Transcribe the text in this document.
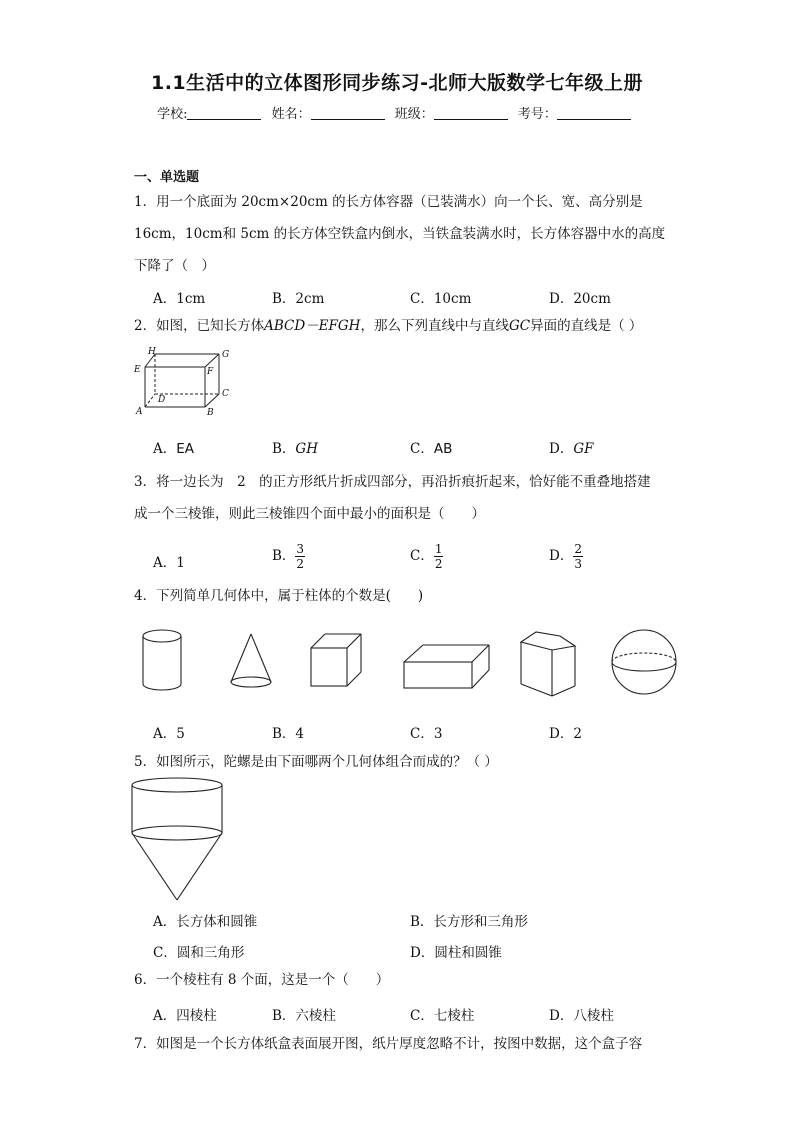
1.1生活中的立体图形同步练习-北师大版数学七年级上册
学校:	姓名：	班级：	考号：
一、单选题
1．用一个底面为 20cm×20cm 的长方体容器（已装满水）向一个长、宽、高分别是
16cm，10cm和 5cm 的长方体空铁盒内倒水，当铁盒装满水时，长方体容器中水的高度
下降了（　）
A．1cm	B．2cm	C．10cm	D．20cm
2．如图，已知长方体ABCD－EFGH，那么下列直线中与直线GC异面的直线是（ ）
H	G
E	F
D
C
A	B
A．EA	B．GH	C．AB	D．GF
3．将一边长为　2　的正方形纸片折成四部分，再沿折痕折起来，恰好能不重叠地搭建
成一个三棱锥，则此三棱锥四个面中最小的面积是（　　）
A．1	B． $\frac{3}{2}$	C． $\frac{1}{2}$	D． $\frac{2}{3}$
4．下列简单几何体中，属于柱体的个数是(　　)
A．5	B．4	C．3	D．2
5．如图所示，陀螺是由下面哪两个几何体组合而成的？（ ）
A．长方体和圆锥	B．长方形和三角形
C．圆和三角形	D．圆柱和圆锥
6．一个棱柱有 8 个面，这是一个（　　）
A．四棱柱	B．六棱柱	C．七棱柱	D．八棱柱
7．如图是一个长方体纸盒表面展开图，纸片厚度忽略不计，按图中数据，这个盒子容
